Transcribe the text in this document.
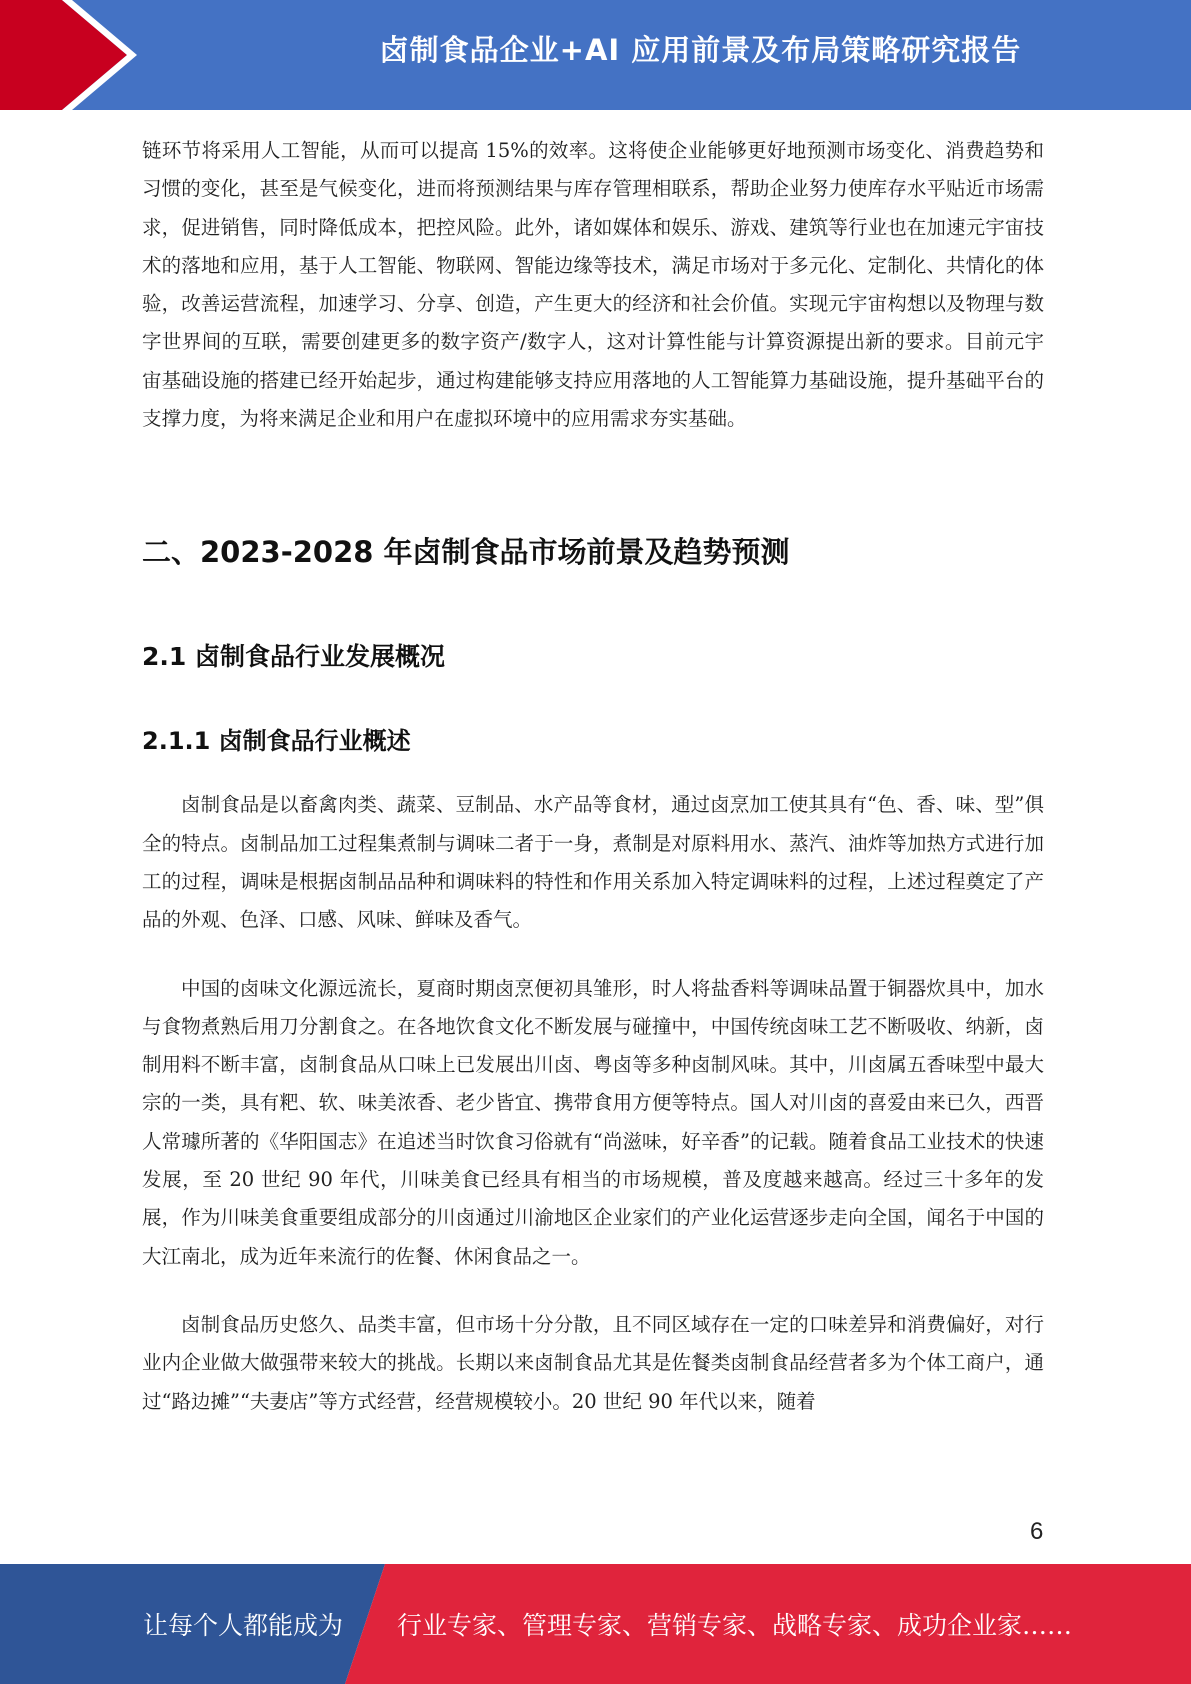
卤制食品企业+AI 应用前景及布局策略研究报告

链环节将采用人工智能，从而可以提高 15%的效率。这将使企业能够更好地预测市场变化、消费趋势和习惯的变化，甚至是气候变化，进而将预测结果与库存管理相联系，帮助企业努力使库存水平贴近市场需求，促进销售，同时降低成本，把控风险。此外，诸如媒体和娱乐、游戏、建筑等行业也在加速元宇宙技术的落地和应用，基于人工智能、物联网、智能边缘等技术，满足市场对于多元化、定制化、共情化的体验，改善运营流程，加速学习、分享、创造，产生更大的经济和社会价值。实现元宇宙构想以及物理与数字世界间的互联，需要创建更多的数字资产/数字人，这对计算性能与计算资源提出新的要求。目前元宇宙基础设施的搭建已经开始起步，通过构建能够支持应用落地的人工智能算力基础设施，提升基础平台的支撑力度，为将来满足企业和用户在虚拟环境中的应用需求夯实基础。

二、2023-2028 年卤制食品市场前景及趋势预测
2.1 卤制食品行业发展概况
2.1.1 卤制食品行业概述

卤制食品是以畜禽肉类、蔬菜、豆制品、水产品等食材，通过卤烹加工使其具有“色、香、味、型”俱全的特点。卤制品加工过程集煮制与调味二者于一身，煮制是对原料用水、蒸汽、油炸等加热方式进行加工的过程，调味是根据卤制品品种和调味料的特性和作用关系加入特定调味料的过程，上述过程奠定了产品的外观、色泽、口感、风味、鲜味及香气。

中国的卤味文化源远流长，夏商时期卤烹便初具雏形，时人将盐香料等调味品置于铜器炊具中，加水与食物煮熟后用刀分割食之。在各地饮食文化不断发展与碰撞中，中国传统卤味工艺不断吸收、纳新，卤制用料不断丰富，卤制食品从口味上已发展出川卤、粤卤等多种卤制风味。其中，川卤属五香味型中最大宗的一类，具有粑、软、味美浓香、老少皆宜、携带食用方便等特点。国人对川卤的喜爱由来已久，西晋人常璩所著的《华阳国志》在追述当时饮食习俗就有“尚滋味，好辛香”的记载。随着食品工业技术的快速发展，至 20 世纪 90 年代，川味美食已经具有相当的市场规模，普及度越来越高。经过三十多年的发展，作为川味美食重要组成部分的川卤通过川渝地区企业家们的产业化运营逐步走向全国，闻名于中国的大江南北，成为近年来流行的佐餐、休闲食品之一。

卤制食品历史悠久、品类丰富，但市场十分分散，且不同区域存在一定的口味差异和消费偏好，对行业内企业做大做强带来较大的挑战。长期以来卤制食品尤其是佐餐类卤制食品经营者多为个体工商户，通过“路边摊”“夫妻店”等方式经营，经营规模较小。20 世纪 90 年代以来，随着

6
让每个人都能成为 行业专家、管理专家、营销专家、战略专家、成功企业家……
